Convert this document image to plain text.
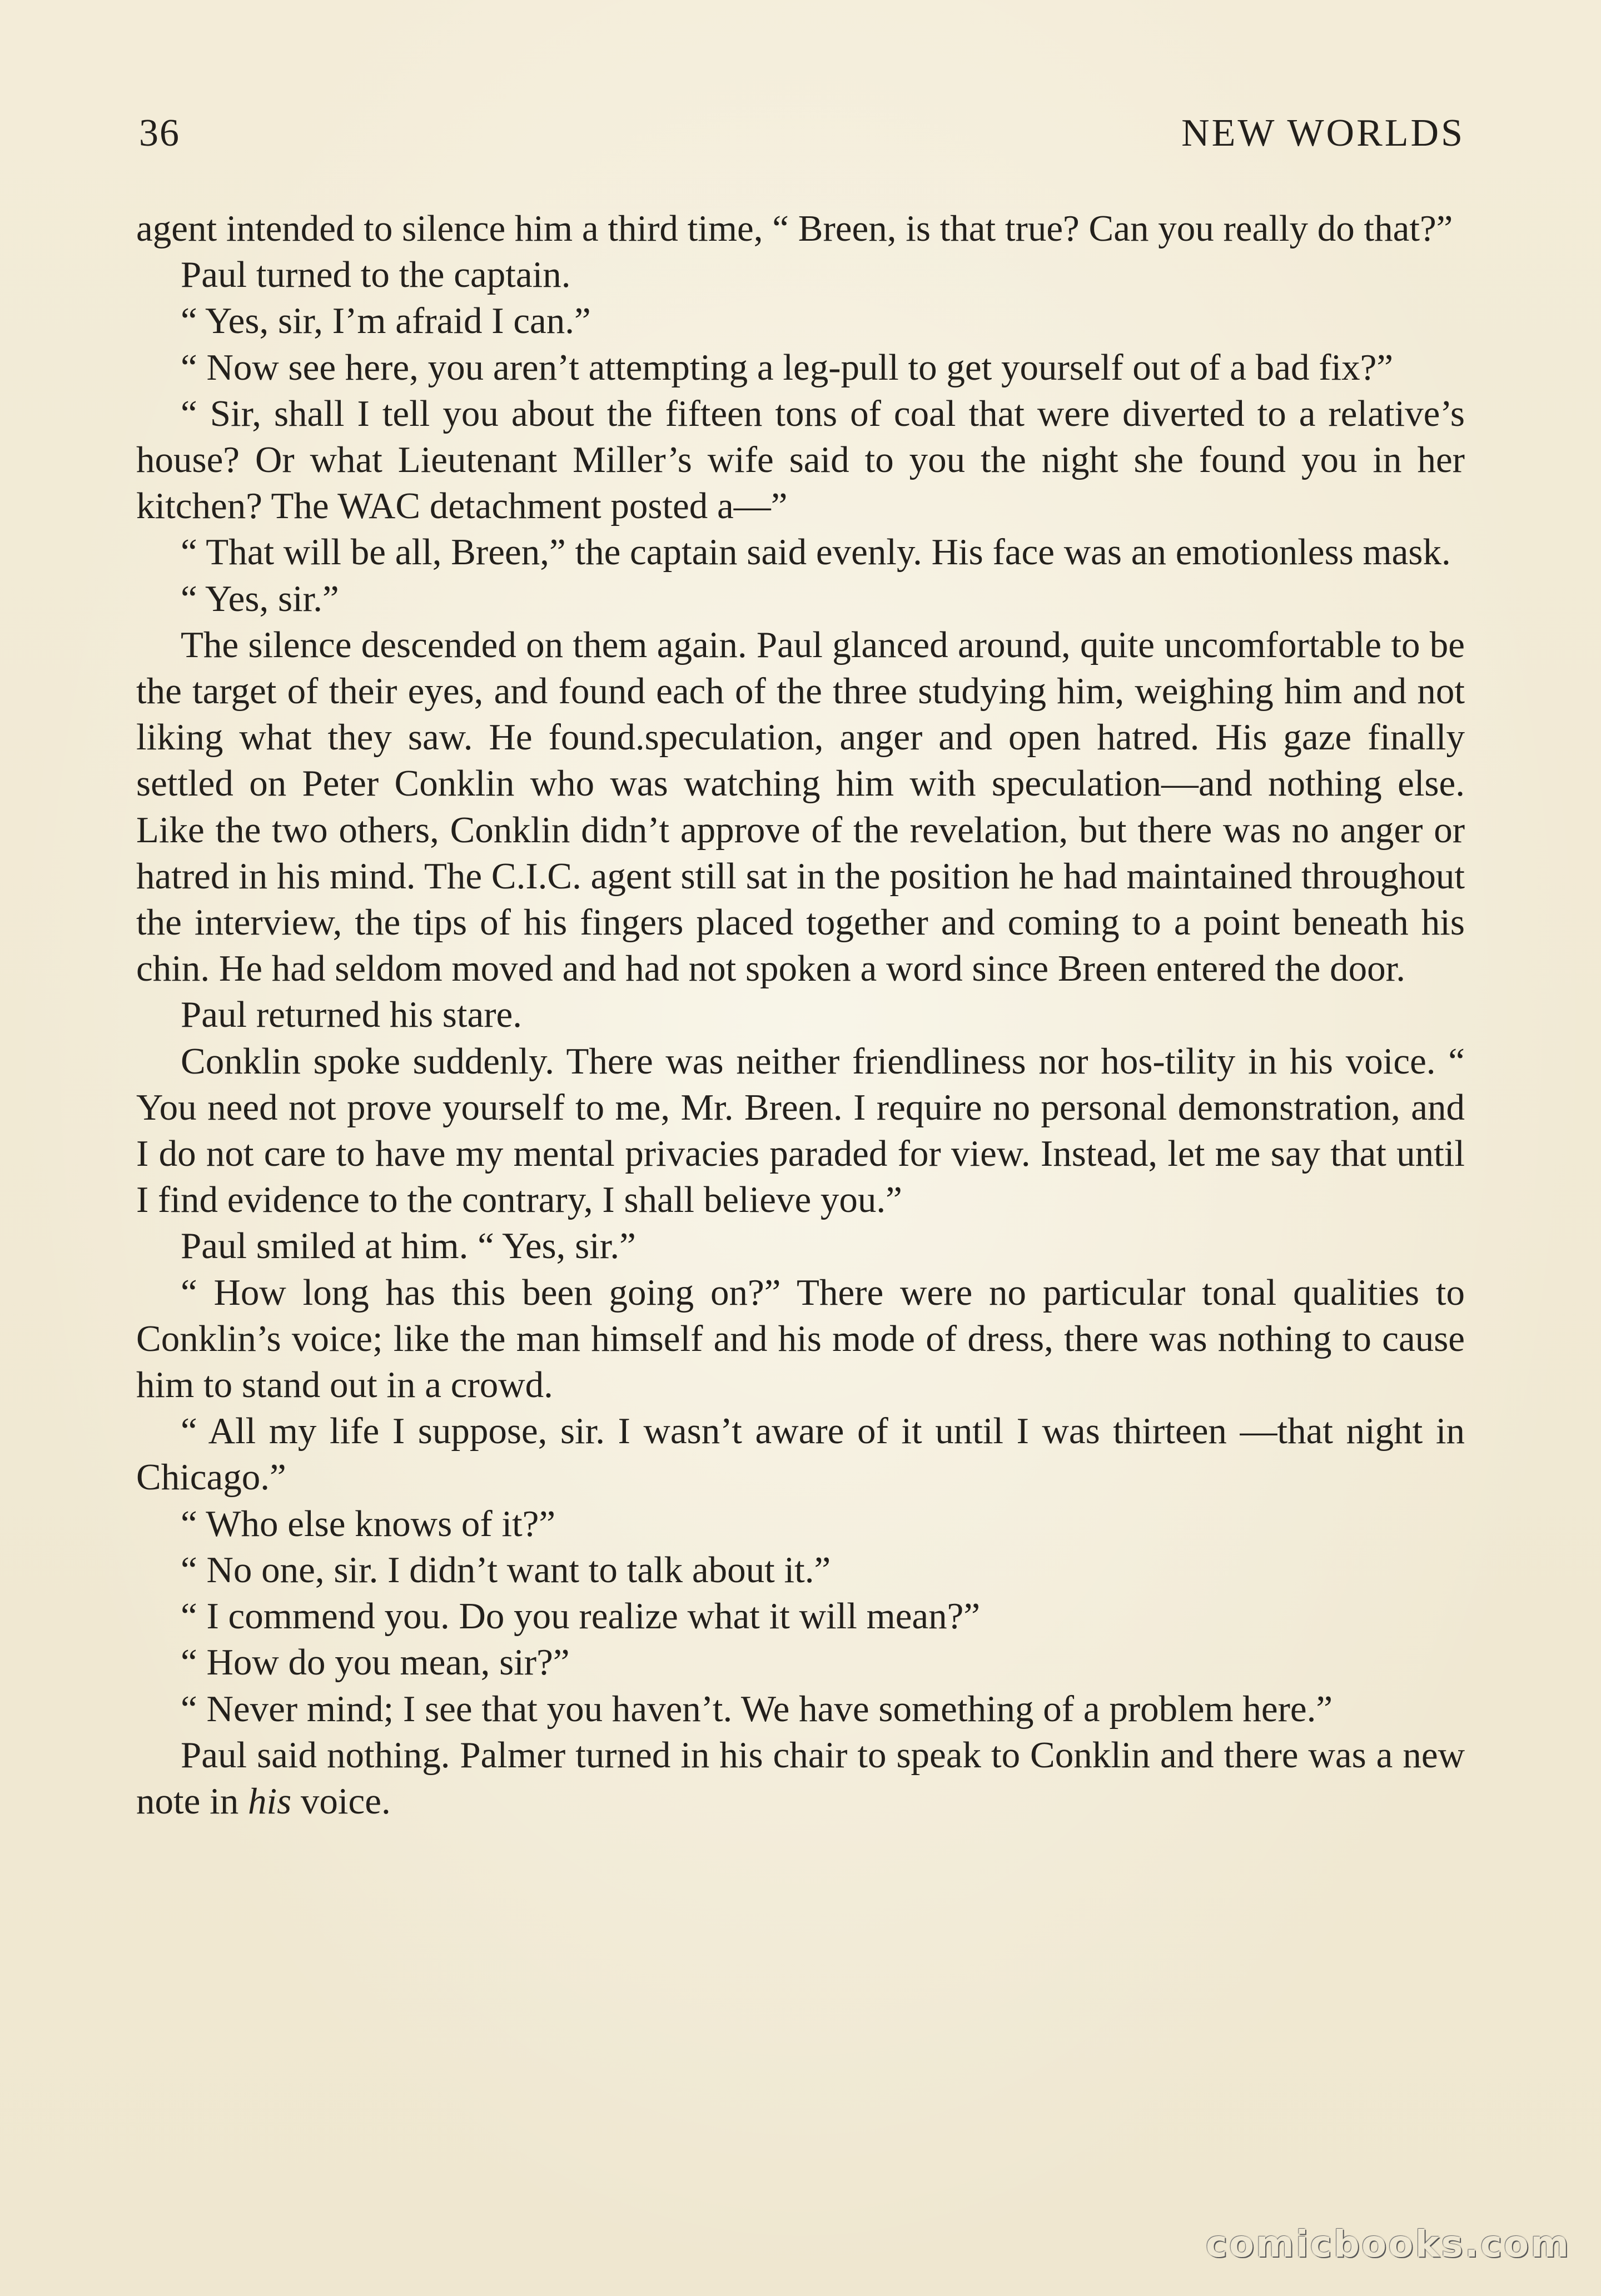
36	NEW WORLDS

agent intended to silence him a third time, “ Breen, is that true? Can you really do that?”

Paul turned to the captain.

“ Yes, sir, I’m afraid I can.”

“ Now see here, you aren’t attempting a leg-pull to get yourself out of a bad fix?”

“ Sir, shall I tell you about the fifteen tons of coal that were diverted to a relative’s house? Or what Lieutenant Miller’s wife said to you the night she found you in her kitchen? The WAC detachment posted a—”

“ That will be all, Breen,” the captain said evenly. His face was an emotionless mask.

“ Yes, sir.”

The silence descended on them again. Paul glanced around, quite uncomfortable to be the target of their eyes, and found each of the three studying him, weighing him and not liking what they saw. He found.speculation, anger and open hatred. His gaze finally settled on Peter Conklin who was watching him with speculation—and nothing else. Like the two others, Conklin didn’t approve of the revelation, but there was no anger or hatred in his mind. The C.I.C. agent still sat in the position he had maintained throughout the interview, the tips of his fingers placed together and coming to a point beneath his chin. He had seldom moved and had not spoken a word since Breen entered the door.

Paul returned his stare.

Conklin spoke suddenly. There was neither friendliness nor hos-tility in his voice. “ You need not prove yourself to me, Mr. Breen. I require no personal demonstration, and I do not care to have my mental privacies paraded for view. Instead, let me say that until I find evidence to the contrary, I shall believe you.”

Paul smiled at him. “ Yes, sir.”

“ How long has this been going on?” There were no particular tonal qualities to Conklin’s voice; like the man himself and his mode of dress, there was nothing to cause him to stand out in a crowd.

“ All my life I suppose, sir. I wasn’t aware of it until I was thirteen —that night in Chicago.”

“ Who else knows of it?”

“ No one, sir. I didn’t want to talk about it.”

“ I commend you. Do you realize what it will mean?”

“ How do you mean, sir?”

“ Never mind; I see that you haven’t. We have something of a problem here.”

Paul said nothing. Palmer turned in his chair to speak to Conklin and there was a new note in his voice.

comicbooks.com
